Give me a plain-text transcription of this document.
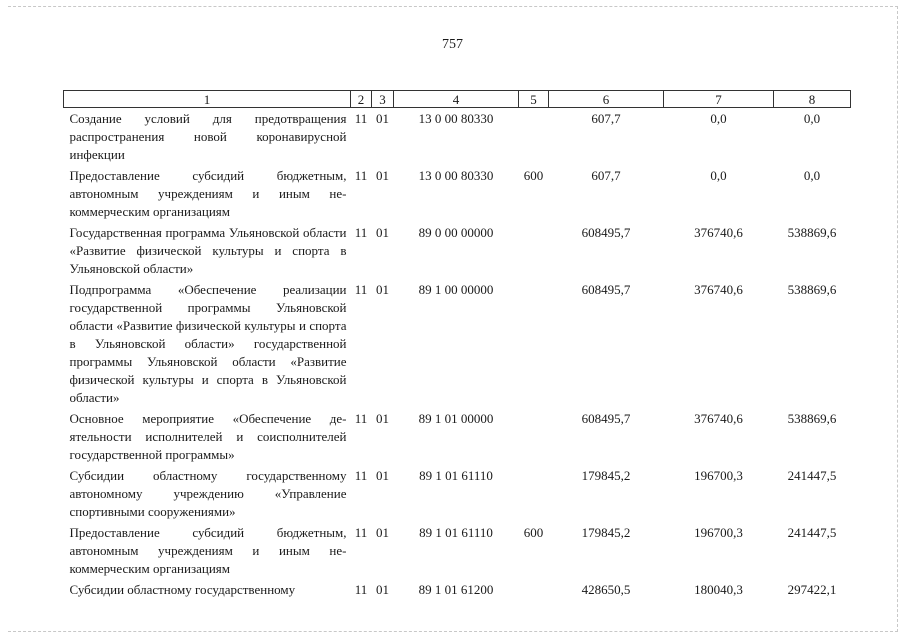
757
1	2	3	4	5	6	7	8
Создание условий для предотвращения распространения новой коронавирусной инфекции	11	01	13 0 00 80330		607,7	0,0	0,0
Предоставление субсидий бюджетным, автономным учреждениям и иным некоммерческим организациям	11	01	13 0 00 80330	600	607,7	0,0	0,0
Государственная программа Ульяновской области «Развитие физической культуры и спорта в Ульяновской области»	11	01	89 0 00 00000		608495,7	376740,6	538869,6
Подпрограмма «Обеспечение реализации государственной программы Ульяновской области «Развитие физической культуры и спорта в Ульяновской области» государственной программы Ульяновской области «Развитие физической культуры и спорта в Ульяновской области»	11	01	89 1 00 00000		608495,7	376740,6	538869,6
Основное мероприятие «Обеспечение деятельности исполнителей и соисполнителей государственной программы»	11	01	89 1 01 00000		608495,7	376740,6	538869,6
Субсидии областному государственному автономному учреждению «Управление спортивными сооружениями»	11	01	89 1 01 61110		179845,2	196700,3	241447,5
Предоставление субсидий бюджетным, автономным учреждениям и иным некоммерческим организациям	11	01	89 1 01 61110	600	179845,2	196700,3	241447,5
Субсидии областному государственному	11	01	89 1 01 61200		428650,5	180040,3	297422,1
